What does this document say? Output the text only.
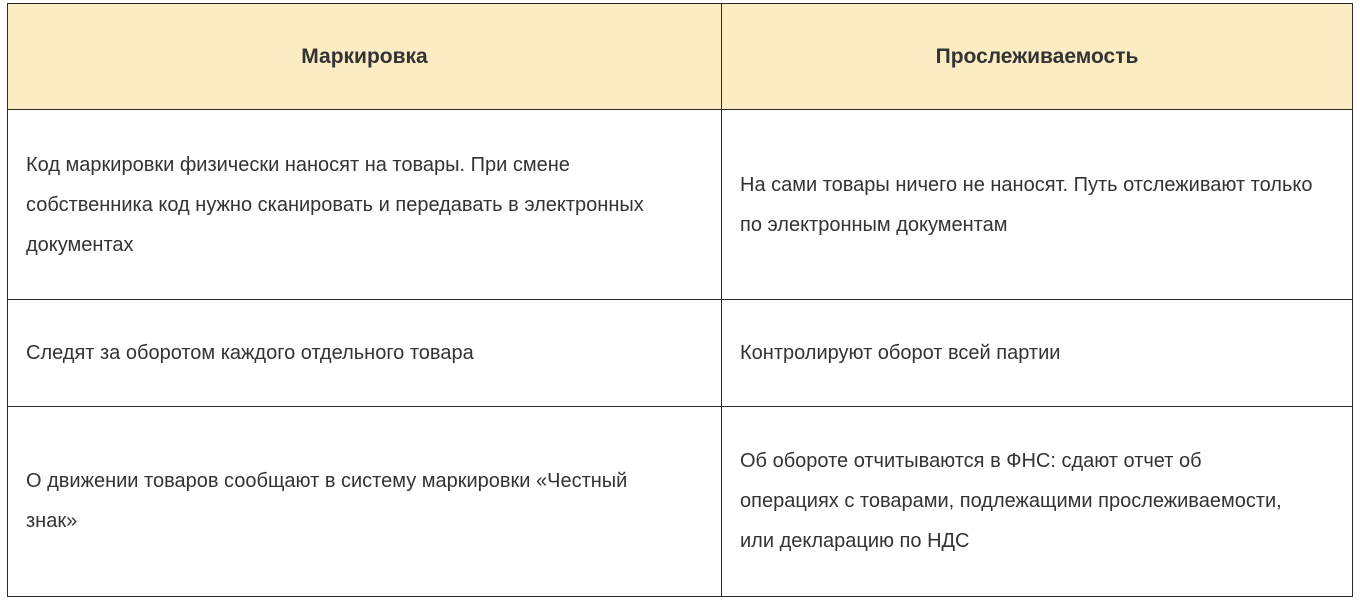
Маркировка	Прослеживаемость
Код маркировки физически наносят на товары. При смене собственника код нужно сканировать и передавать в электронных документах	На сами товары ничего не наносят. Путь отслеживают только по электронным документам
Следят за оборотом каждого отдельного товара	Контролируют оборот всей партии
О движении товаров сообщают в систему маркировки «Честный знак»	Об обороте отчитываются в ФНС: сдают отчет об операциях с товарами, подлежащими прослеживаемости, или декларацию по НДС
